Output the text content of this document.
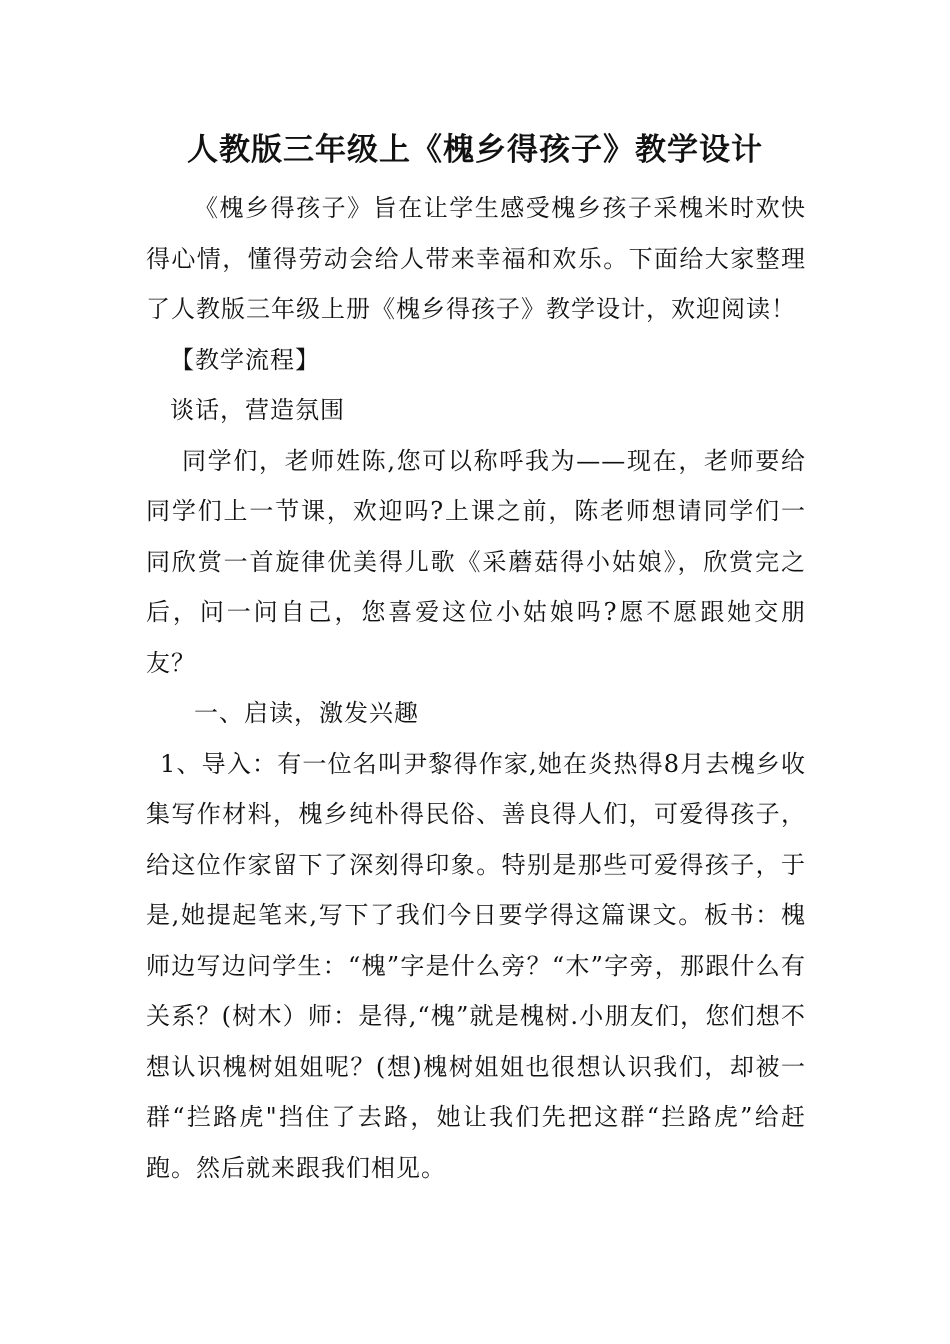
人教版三年级上《槐乡得孩子》教学设计

《槐乡得孩子》旨在让学生感受槐乡孩子采槐米时欢快得心情，懂得劳动会给人带来幸福和欢乐。下面给大家整理了人教版三年级上册《槐乡得孩子》教学设计，欢迎阅读！

【教学流程】

谈话，营造氛围

同学们，老师姓陈,您可以称呼我为——现在，老师要给同学们上一节课，欢迎吗?上课之前，陈老师想请同学们一同欣赏一首旋律优美得儿歌《采蘑菇得小姑娘》，欣赏完之后，问一问自己，您喜爱这位小姑娘吗?愿不愿跟她交朋友？

一、启读，激发兴趣

1、导入：有一位名叫尹黎得作家,她在炎热得8月去槐乡收集写作材料，槐乡纯朴得民俗、善良得人们，可爱得孩子，给这位作家留下了深刻得印象。特别是那些可爱得孩子，于是,她提起笔来,写下了我们今日要学得这篇课文。板书：槐 师边写边问学生：“槐”字是什么旁？“木”字旁，那跟什么有关系？(树木）师：是得,“槐”就是槐树.小朋友们，您们想不想认识槐树姐姐呢？(想)槐树姐姐也很想认识我们，却被一群“拦路虎"挡住了去路，她让我们先把这群“拦路虎”给赶跑。然后就来跟我们相见。
